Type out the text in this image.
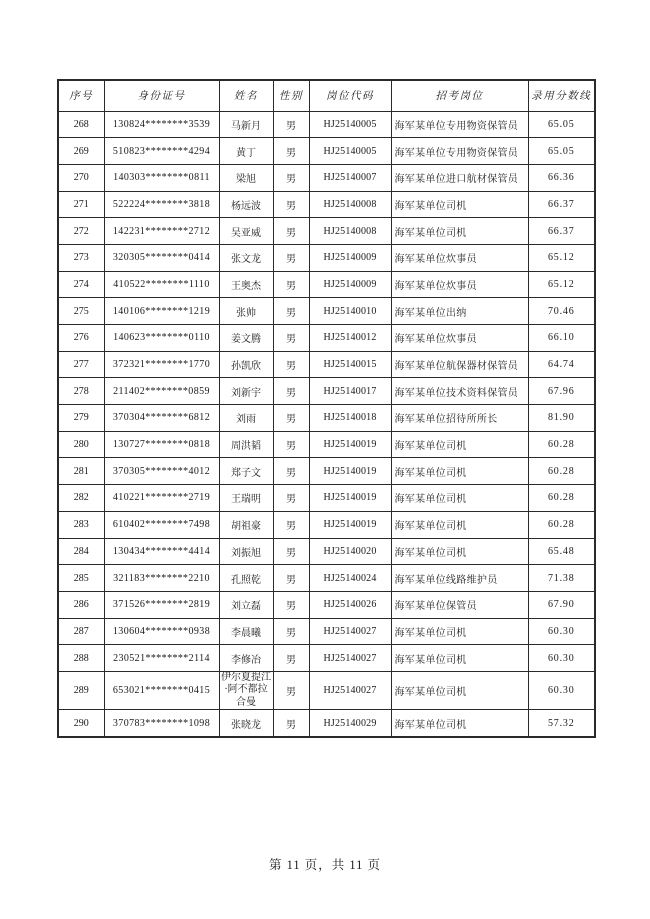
序号	身份证号	姓名	性别	岗位代码	招考岗位	录用分数线
268	130824********3539	马新月	男	HJ25140005	海军某单位专用物资保管员	65.05
269	510823********4294	黄丁	男	HJ25140005	海军某单位专用物资保管员	65.05
270	140303********0811	梁旭	男	HJ25140007	海军某单位进口航材保管员	66.36
271	522224********3818	杨远波	男	HJ25140008	海军某单位司机	66.37
272	142231********2712	吴亚威	男	HJ25140008	海军某单位司机	66.37
273	320305********0414	张文龙	男	HJ25140009	海军某单位炊事员	65.12
274	410522********1110	王奥杰	男	HJ25140009	海军某单位炊事员	65.12
275	140106********1219	张帅	男	HJ25140010	海军某单位出纳	70.46
276	140623********0110	姜文腾	男	HJ25140012	海军某单位炊事员	66.10
277	372321********1770	孙凯欣	男	HJ25140015	海军某单位航保器材保管员	64.74
278	211402********0859	刘新宇	男	HJ25140017	海军某单位技术资料保管员	67.96
279	370304********6812	刘雨	男	HJ25140018	海军某单位招待所所长	81.90
280	130727********0818	周洪韬	男	HJ25140019	海军某单位司机	60.28
281	370305********4012	郑子文	男	HJ25140019	海军某单位司机	60.28
282	410221********2719	王瑞明	男	HJ25140019	海军某单位司机	60.28
283	610402********7498	胡祖豪	男	HJ25140019	海军某单位司机	60.28
284	130434********4414	刘振旭	男	HJ25140020	海军某单位司机	65.48
285	321183********2210	孔照乾	男	HJ25140024	海军某单位线路维护员	71.38
286	371526********2819	刘立磊	男	HJ25140026	海军某单位保管员	67.90
287	130604********0938	李晨曦	男	HJ25140027	海军某单位司机	60.30
288	230521********2114	李修冶	男	HJ25140027	海军某单位司机	60.30
289	653021********0415	伊尔夏提江·阿不都拉合曼	男	HJ25140027	海军某单位司机	60.30
290	370783********1098	张晓龙	男	HJ25140029	海军某单位司机	57.32
第 11 页，共 11 页
